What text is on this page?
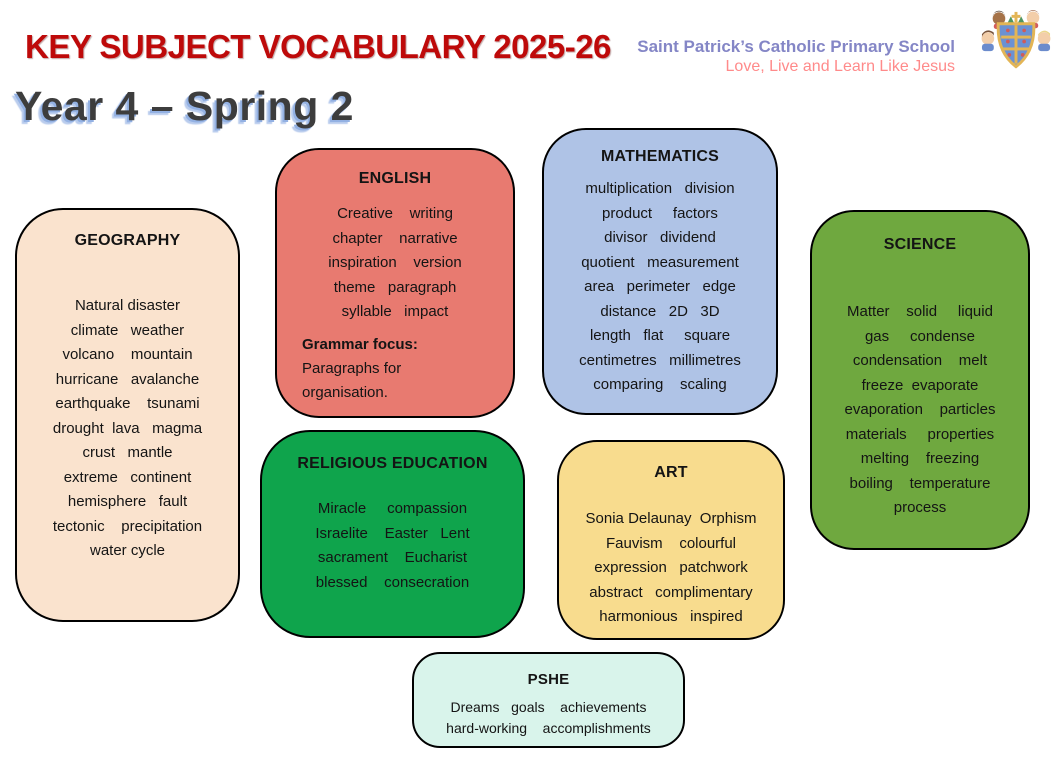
KEY SUBJECT VOCABULARY 2025-26 Saint Patrick’s Catholic Primary School
Love, Live and Learn Like Jesus
Year 4 – Spring 2
GEOGRAPHY
Natural disaster
climate   weather
volcano    mountain
hurricane   avalanche
earthquake    tsunami
drought  lava   magma
crust   mantle
extreme   continent
hemisphere   fault
tectonic    precipitation
water cycle
ENGLISH
Creative    writing
chapter    narrative
inspiration    version
theme   paragraph
syllable   impact
Grammar focus:
Paragraphs for
organisation.
MATHEMATICS
multiplication   division
product     factors
divisor   dividend
quotient   measurement
area   perimeter   edge
distance   2D   3D
length   flat     square
centimetres   millimetres
comparing    scaling
SCIENCE
Matter    solid     liquid
gas     condense
condensation    melt
freeze  evaporate
evaporation    particles
materials     properties
melting    freezing
boiling    temperature
process
RELIGIOUS EDUCATION
Miracle     compassion
Israelite    Easter   Lent
sacrament    Eucharist
blessed    consecration
ART
Sonia Delaunay  Orphism
Fauvism    colourful
expression   patchwork
abstract   complimentary
harmonious   inspired
PSHE
Dreams   goals    achievements
hard-working    accomplishments
